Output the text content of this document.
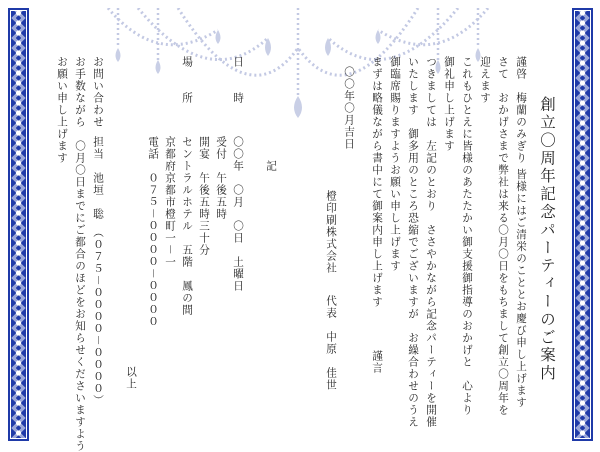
創立〇周年記念パーティーのご案内
謹啓　梅蘭のみぎり 皆様にはご清栄のこととお慶び申し上げます
さて　おかげさまで弊社は来る〇月〇日をもちまして創立〇周年を
迎えます
これもひとえに皆様のあたたかい御支援御指導のおかげと　心より
御礼申し上げます
つきましては　左記のとおり　ささやかながら記念パーティーを開催
いたします　御多用のところ恐縮でございますが　お繰合わせのうえ
御臨席賜りますようお願い申し上げます
まずは略儀ながら書中にて御案内申し上げます
謹言
〇〇年〇月吉日
橙印刷株式会社
代表　中原　佳世
記
日　　時
〇〇年　〇月　〇日　土曜日
受付　午後五時
開宴　午後五時三十分
場　　所
セントラルホテル　五階　鳳の間
京都府京都市橙町一－一
電話　０７５－００００－００００
お問い合わせ
担当　池垣　聡　（０７５－００００－００００）
お手数ながら　〇月〇日までにご都合のほどをお知らせくださいますよう
お願い申し上げます
以上
